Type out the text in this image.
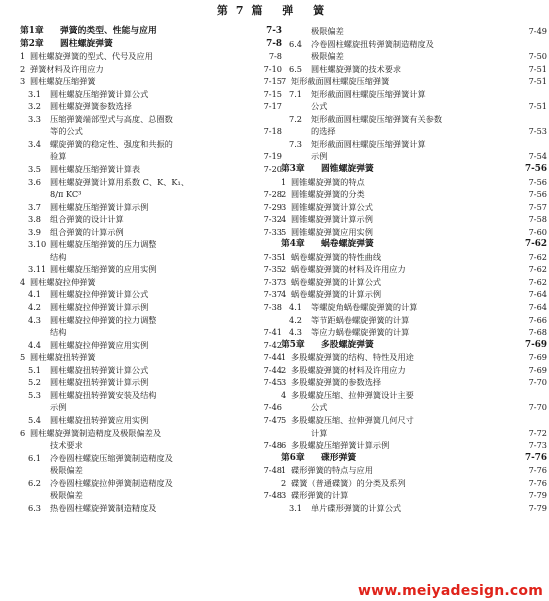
第7篇 弹 簧
第1章	弹簧的类型、性能与应用	7-3
第2章	圆柱螺旋弹簧	7-8
1 圆柱螺旋弹簧的型式、代号及应用	7-8
2 弹簧材料及许用应力	7-10
3 圆柱螺旋压缩弹簧	7-15
3.1	圆柱螺旋压缩弹簧计算公式	7-15
3.2	圆柱螺旋弹簧参数选择	7-17
3.3	压缩弹簧端部型式与高度、总圈数
等的公式	7-18
3.4	螺旋弹簧的稳定性、强度和共振的
验算	7-19
3.5	圆柱螺旋压缩弹簧计算表	7-20
3.6	圆柱螺旋弹簧计算用系数 C、K、K₁、
8/π KC³	7-28
3.7	圆柱螺旋压缩弹簧计算示例	7-29
3.8	组合弹簧的设计计算	7-32
3.9	组合弹簧的计算示例	7-33
3.10 圆柱螺旋压缩弹簧的压力调整
结构	7-35
3.11 圆柱螺旋压缩弹簧的应用实例	7-35
4 圆柱螺旋拉伸弹簧	7-37
4.1	圆柱螺旋拉伸弹簧计算公式	7-37
4.2	圆柱螺旋拉伸弹簧计算示例	7-38
4.3	圆柱螺旋拉伸弹簧的拉力调整
结构	7-41
4.4	圆柱螺旋拉伸弹簧应用实例	7-42
5 圆柱螺旋扭转弹簧	7-44
5.1	圆柱螺旋扭转弹簧计算公式	7-44
5.2	圆柱螺旋扭转弹簧计算示例	7-45
5.3	圆柱螺旋扭转弹簧安装及结构
示例	7-46
5.4	圆柱螺旋扭转弹簧应用实例	7-47
6 圆柱螺旋弹簧制造精度及极限偏差及
技术要求	7-48
6.1	冷卷圆柱螺旋压缩弹簧制造精度及
极限偏差	7-48
6.2	冷卷圆柱螺旋拉伸弹簧制造精度及
极限偏差	7-48
6.3	热卷圆柱螺旋弹簧制造精度及
极限偏差	7-49
6.4	冷卷圆柱螺旋扭转弹簧制造精度及
极限偏差	7-50
6.5	圆柱螺旋弹簧的技术要求	7-51
7 矩形截面圆柱螺旋压缩弹簧	7-51
7.1	矩形截面圆柱螺旋压缩弹簧计算
公式	7-51
7.2	矩形截面圆柱螺旋压缩弹簧有关参数
的选择	7-53
7.3	矩形截面圆柱螺旋压缩弹簧计算
示例	7-54
第3章	圆锥螺旋弹簧	7-56
1 圆锥螺旋弹簧的特点	7-56
2 圆锥螺旋弹簧的分类	7-56
3 圆锥螺旋弹簧计算公式	7-57
4 圆锥螺旋弹簧计算示例	7-58
5 圆锥螺旋弹簧应用实例	7-60
第4章	蜗卷螺旋弹簧	7-62
1 蜗卷螺旋弹簧的特性曲线	7-62
2 蜗卷螺旋弹簧的材料及许用应力	7-62
3 蜗卷螺旋弹簧的计算公式	7-62
4 蜗卷螺旋弹簧的计算示例	7-64
4.1	等螺旋角蜗卷螺旋弹簧的计算	7-64
4.2	等节距蜗卷螺旋弹簧的计算	7-66
4.3	等应力蜗卷螺旋弹簧的计算	7-68
第5章	多股螺旋弹簧	7-69
1 多股螺旋弹簧的结构、特性及用途	7-69
2 多股螺旋弹簧的材料及许用应力	7-69
3 多股螺旋弹簧的参数选择	7-70
4 多股螺旋压缩、拉伸弹簧设计主要
公式	7-70
5 多股螺旋压缩、拉伸弹簧几何尺寸
计算	7-72
6 多股螺旋压缩弹簧计算示例	7-73
第6章	碟形弹簧	7-76
1 碟形弹簧的特点与应用	7-76
2 碟簧（普通碟簧）的分类及系列	7-76
3 碟形弹簧的计算	7-79
3.1	单片碟形弹簧的计算公式	7-79
www.meiyadesign.com
